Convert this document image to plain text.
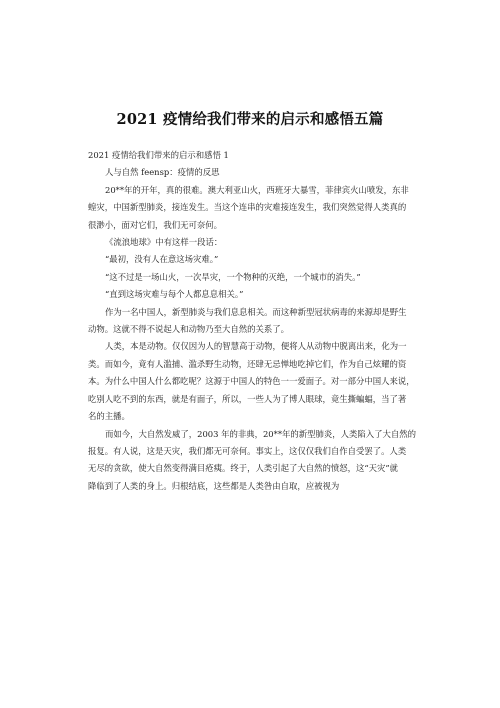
2021 疫情给我们带来的启示和感悟五篇

2021 疫情给我们带来的启示和感悟 1

人与自然 feensp：疫情的反思

20**年的开年，真的很难。澳大利亚山火，西班牙大暴雪，菲律宾火山喷发，东非

蝗灾，中国新型肺炎，接连发生。当这个连串的灾难接连发生，我们突然觉得人类真的

很渺小，面对它们，我们无可奈何。

《流浪地球》中有这样一段话：

“最初，没有人在意这场灾难。”

“这不过是一场山火，一次旱灾，一个物种的灭绝，一个城市的消失。”

“直到这场灾难与每个人都息息相关。”

作为一名中国人，新型肺炎与我们息息相关。而这种新型冠状病毒的来源却是野生

动物。这就不得不说起人和动物乃至大自然的关系了。

人类，本是动物。仅仅因为人的智慧高于动物，便将人从动物中脱离出来，化为一

类。而如今，竟有人滥捕、滥杀野生动物，还肆无忌惮地吃掉它们，作为自己炫耀的资

本。为什么中国人什么都吃呢？这源于中国人的特色一一爱面子。对一部分中国人来说，

吃别人吃不到的东西，就是有面子，所以，一些人为了博人眼球，竟生撕蝙蝠，当了著

名的主播。

而如今，大自然发威了，2003 年的非典，20**年的新型肺炎，人类陷入了大自然的

报复。有人说，这是天灾，我们都无可奈何。事实上，这仅仅我们自作自受罢了。人类

无尽的贪欲，使大自然变得满目疮痍。终于，人类引起了大自然的愤怒，这“天灾”就

降临到了人类的身上。归根结底，这些都是人类咎由自取，应被视为
